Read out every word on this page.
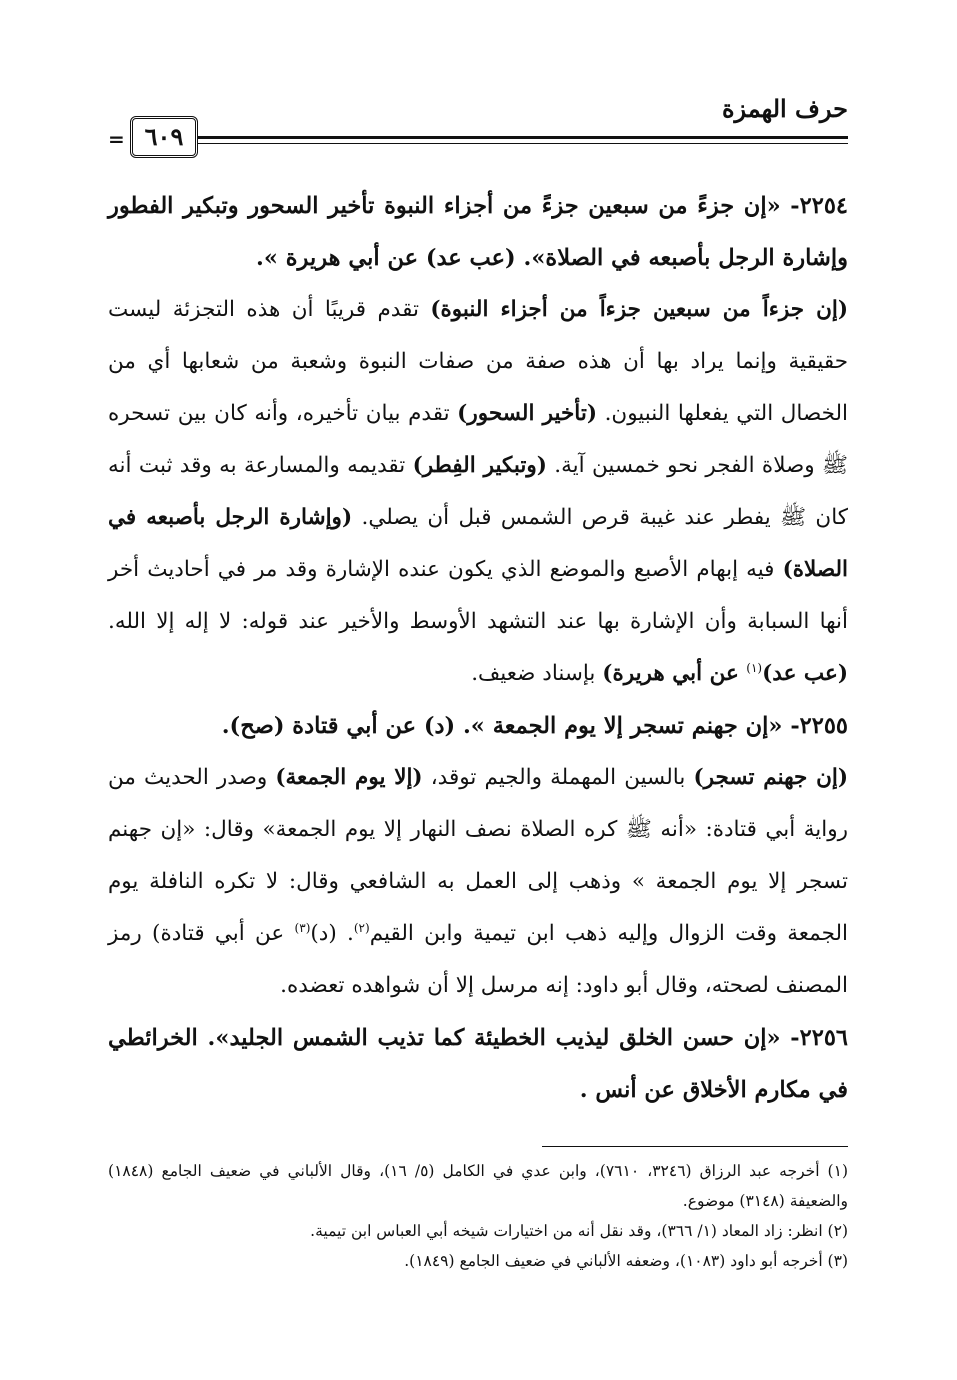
حرف الهمزة
٦٠٩
=

٢٢٥٤- «إن جزءً من سبعين جزءً من أجزاء النبوة تأخير السحور وتبكير الفطور وإشارة الرجل بأصبعه في الصلاة». (عب عد) عن أبي هريرة ».

(إن جزءاً من سبعين جزءاً من أجزاء النبوة) تقدم قريبًا أن هذه التجزئة ليست حقيقية وإنما يراد بها أن هذه صفة من صفات النبوة وشعبة من شعابها أي من الخصال التي يفعلها النبيون. (تأخير السحور) تقدم بيان تأخيره، وأنه كان بين تسحره ﷺ وصلاة الفجر نحو خمسين آية. (وتبكير الفِطر) تقديمه والمسارعة به وقد ثبت أنه كان ﷺ يفطر عند غيبة قرص الشمس قبل أن يصلي. (وإشارة الرجل بأصبعه في الصلاة) فيه إبهام الأصبع والموضع الذي يكون عنده الإشارة وقد مر في أحاديث أخر أنها السبابة وأن الإشارة بها عند التشهد الأوسط والأخير عند قوله: لا إله إلا الله. (عب عد)$^{(١)}$ عن أبي هريرة) بإسناد ضعيف.

٢٢٥٥- «إن جهنم تسجر إلا يوم الجمعة ». (د) عن أبي قتادة (صح).

(إن جهنم تسجر) بالسين المهملة والجيم توقد، (إلا يوم الجمعة) وصدر الحديث من رواية أبي قتادة: «أنه ﷺ كره الصلاة نصف النهار إلا يوم الجمعة» وقال: «إن جهنم تسجر إلا يوم الجمعة » وذهب إلى العمل به الشافعي وقال: لا تكره النافلة يوم الجمعة وقت الزوال وإليه ذهب ابن تيمية وابن القيم$^{(٢)}$. (د)$^{(٣)}$ عن أبي قتادة) رمز المصنف لصحته، وقال أبو داود: إنه مرسل إلا أن شواهده تعضده.

٢٢٥٦- «إن حسن الخلق ليذيب الخطيئة كما تذيب الشمس الجليد». الخرائطي في مكارم الأخلاق عن أنس .

(١) أخرجه عبد الرزاق (٣٢٤٦، ٧٦١٠)، وابن عدي في الكامل (٥/ ١٦)، وقال الألباني في ضعيف الجامع (١٨٤٨) والضعيفة (٣١٤٨) موضوع.

(٢) انظر: زاد المعاد (١/ ٣٦٦)، وقد نقل أنه من اختيارات شيخه أبي العباس ابن تيمية.

(٣) أخرجه أبو داود (١٠٨٣)، وضعفه الألباني في ضعيف الجامع (١٨٤٩).
